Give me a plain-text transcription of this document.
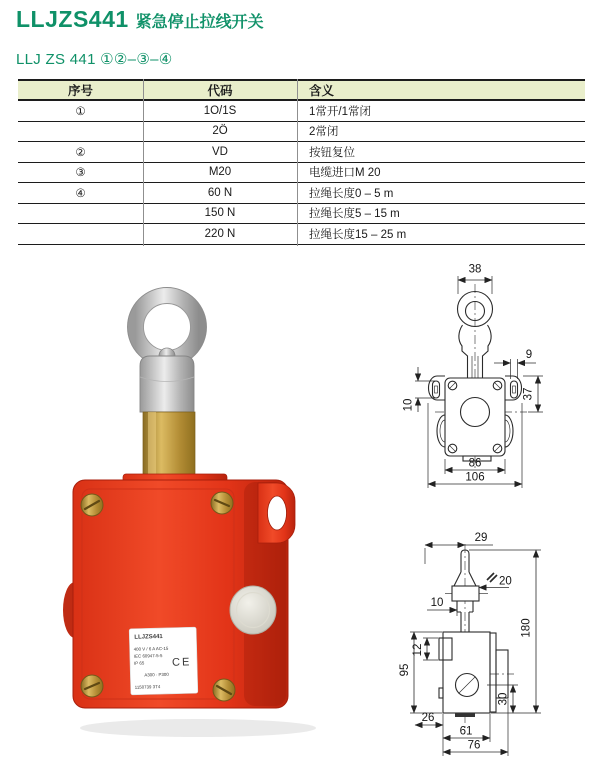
LLJZS441 紧急停止拉线开关
LLJ ZS 441 ①②–③–④
序号	代码	含义
①	1O/1S	1常开/1常闭
	2Ö	2常闭
②	VD	按钮复位
③	M20	电缆进口M 20
④	60 N	拉绳长度0 – 5 m
	150 N	拉绳长度5 – 15 m
	220 N	拉绳长度15 – 25 m
LLJZS441
400 V / 6 A AC-15
IEC 60947-5-5
IP 65	CE
A300 · P300
1150739 3T4
38
9
37
10
86
106
29
20
10
12
95
30
180
26
61
76
